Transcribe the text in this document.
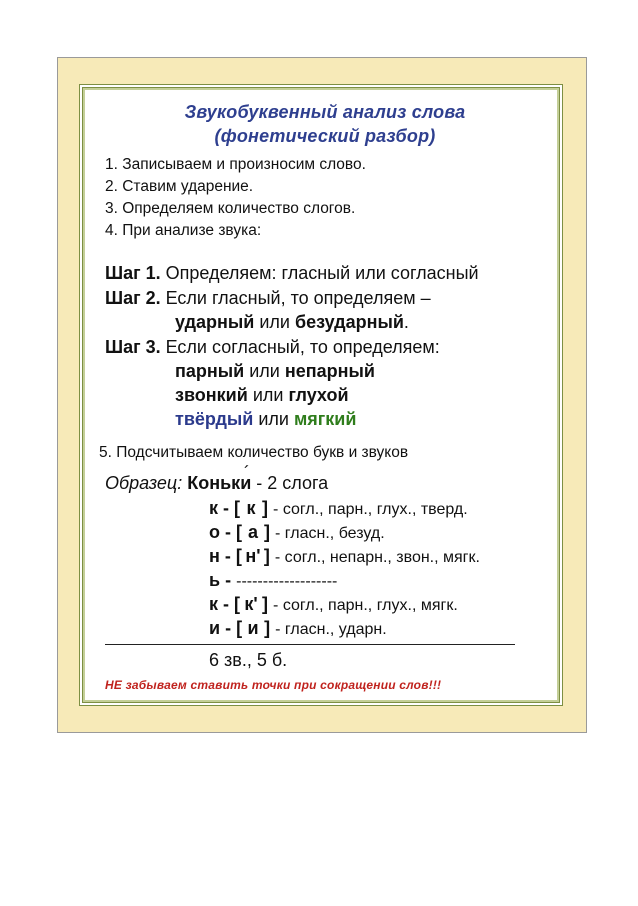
Звукобуквенный анализ слова
(фонетический разбор)
1. Записываем и произносим слово.
2. Ставим ударение.
3. Определяем количество слогов.
4. При анализе звука:
Шаг 1. Определяем: гласный или согласный
Шаг 2. Если гласный, то определяем –
ударный или безударный.
Шаг 3. Если согласный, то определяем:
парный или непарный
звонкий или глухой
твёрдый или мягкий
5. Подсчитываем количество букв и звуков
Образец: Коньки ´ - 2 слога
к - [ к ] - согл., парн., глух., тверд.
о - [ а ] - гласн., безуд.
н - [ н' ] - согл., непарн., звон., мягк.
ь - -------------------
к - [ к' ] - согл., парн., глух., мягк.
и - [ и ] - гласн., ударн.
6 зв., 5 б.
НЕ забываем ставить точки при сокращении слов!!!
